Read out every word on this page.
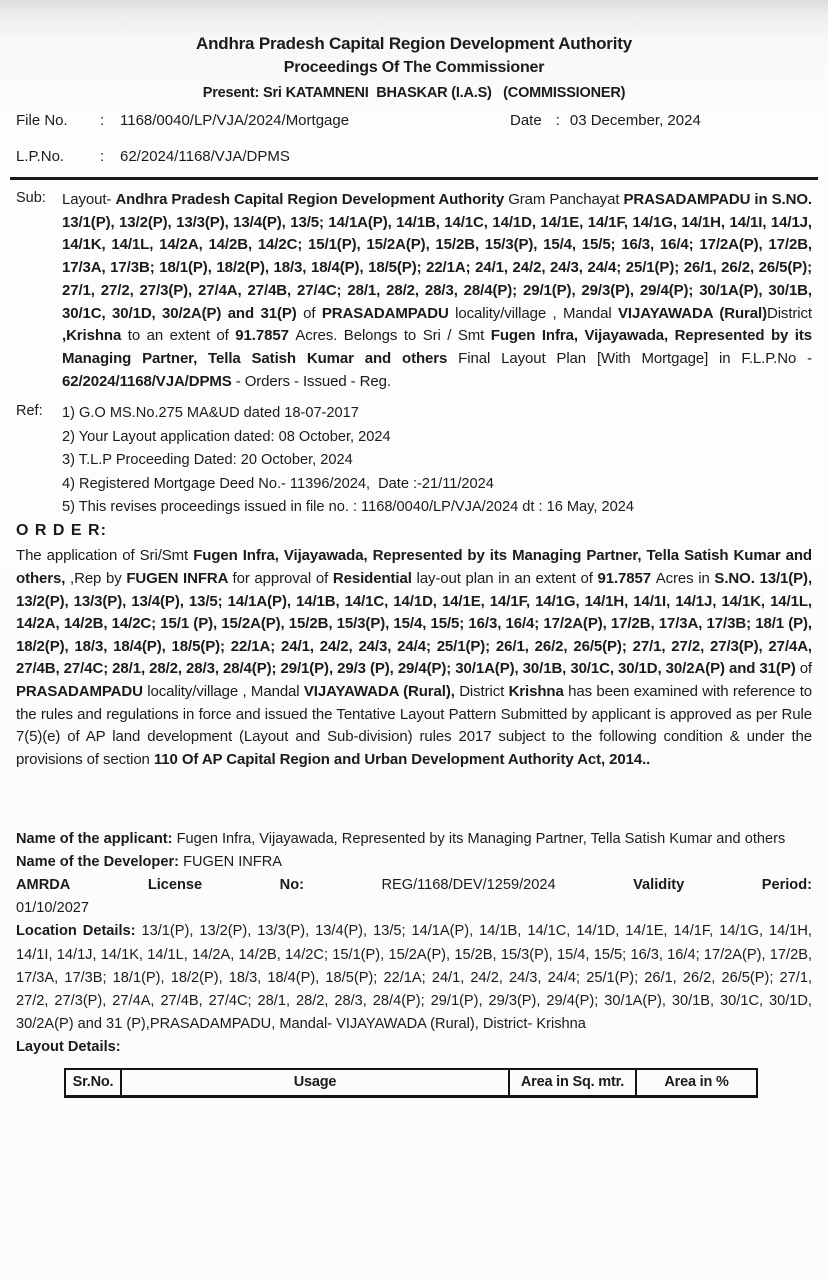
Andhra Pradesh Capital Region Development Authority
Proceedings Of The Commissioner
Present: Sri KATAMNENI  BHASKAR (I.A.S)   (COMMISSIONER)
File No. : 1168/0040/LP/VJA/2024/Mortgage	Date : 03 December, 2024
L.P.No. : 62/2024/1168/VJA/DPMS
Sub:	Layout- Andhra Pradesh Capital Region Development Authority Gram Panchayat PRASADAMPADU in S.NO. 13/1(P), 13/2(P), 13/3(P), 13/4(P), 13/5; 14/1A(P), 14/1B, 14/1C, 14/1D, 14/1E, 14/1F, 14/1G, 14/1H, 14/1I, 14/1J, 14/1K, 14/1L, 14/2A, 14/2B, 14/2C; 15/1(P), 15/2A(P), 15/2B, 15/3(P), 15/4, 15/5; 16/3, 16/4; 17/2A(P), 17/2B, 17/3A, 17/3B; 18/1(P), 18/2(P), 18/3, 18/4(P), 18/5(P); 22/1A; 24/1, 24/2, 24/3, 24/4; 25/1(P); 26/1, 26/2, 26/5(P); 27/1, 27/2, 27/3(P), 27/4A, 27/4B, 27/4C; 28/1, 28/2, 28/3, 28/4(P); 29/1(P), 29/3(P), 29/4(P); 30/1A(P), 30/1B, 30/1C, 30/1D, 30/2A(P) and 31(P) of PRASADAMPADU locality/village , Mandal VIJAYAWADA (Rural)District ,Krishna to an extent of 91.7857 Acres. Belongs to Sri / Smt Fugen Infra, Vijayawada, Represented by its Managing Partner, Tella Satish Kumar and others Final Layout Plan [With Mortgage] in F.L.P.No - 62/2024/1168/VJA/DPMS - Orders - Issued - Reg.
Ref:	1) G.O MS.No.275 MA&UD dated 18-07-2017
2) Your Layout application dated: 08 October, 2024
3) T.L.P Proceeding Dated: 20 October, 2024
4) Registered Mortgage Deed No.- 11396/2024,  Date :-21/11/2024
5) This revises proceedings issued in file no. : 1168/0040/LP/VJA/2024 dt : 16 May, 2024
O R D E R:
The application of Sri/Smt Fugen Infra, Vijayawada, Represented by its Managing Partner, Tella Satish Kumar and others, ,Rep by FUGEN INFRA for approval of Residential lay-out plan in an extent of 91.7857 Acres in S.NO. 13/1(P), 13/2(P), 13/3(P), 13/4(P), 13/5; 14/1A(P), 14/1B, 14/1C, 14/1D, 14/1E, 14/1F, 14/1G, 14/1H, 14/1I, 14/1J, 14/1K, 14/1L, 14/2A, 14/2B, 14/2C; 15/1 (P), 15/2A(P), 15/2B, 15/3(P), 15/4, 15/5; 16/3, 16/4; 17/2A(P), 17/2B, 17/3A, 17/3B; 18/1 (P), 18/2(P), 18/3, 18/4(P), 18/5(P); 22/1A; 24/1, 24/2, 24/3, 24/4; 25/1(P); 26/1, 26/2, 26/5(P); 27/1, 27/2, 27/3(P), 27/4A, 27/4B, 27/4C; 28/1, 28/2, 28/3, 28/4(P); 29/1(P), 29/3 (P), 29/4(P); 30/1A(P), 30/1B, 30/1C, 30/1D, 30/2A(P) and 31(P) of PRASADAMPADU locality/village , Mandal VIJAYAWADA (Rural), District Krishna has been examined with reference to the rules and regulations in force and issued the Tentative Layout Pattern Submitted by applicant is approved as per Rule 7(5)(e) of AP land development (Layout and Sub-division) rules 2017 subject to the following condition & under the provisions of section 110 Of AP Capital Region and Urban Development Authority Act, 2014..
Name of the applicant: Fugen Infra, Vijayawada, Represented by its Managing Partner, Tella Satish Kumar and others
Name of the Developer: FUGEN INFRA
AMRDA	License	No:	REG/1168/DEV/1259/2024	Validity	Period:
01/10/2027
Location Details: 13/1(P), 13/2(P), 13/3(P), 13/4(P), 13/5; 14/1A(P), 14/1B, 14/1C, 14/1D, 14/1E, 14/1F, 14/1G, 14/1H, 14/1I, 14/1J, 14/1K, 14/1L, 14/2A, 14/2B, 14/2C; 15/1(P), 15/2A(P), 15/2B, 15/3(P), 15/4, 15/5; 16/3, 16/4; 17/2A(P), 17/2B, 17/3A, 17/3B; 18/1(P), 18/2(P), 18/3, 18/4(P), 18/5(P); 22/1A; 24/1, 24/2, 24/3, 24/4; 25/1(P); 26/1, 26/2, 26/5(P); 27/1, 27/2, 27/3(P), 27/4A, 27/4B, 27/4C; 28/1, 28/2, 28/3, 28/4(P); 29/1(P), 29/3(P), 29/4(P); 30/1A(P), 30/1B, 30/1C, 30/1D, 30/2A(P) and 31 (P),PRASADAMPADU, Mandal- VIJAYAWADA (Rural), District- Krishna
Layout Details:
Sr.No.	Usage	Area in Sq. mtr.	Area in %
